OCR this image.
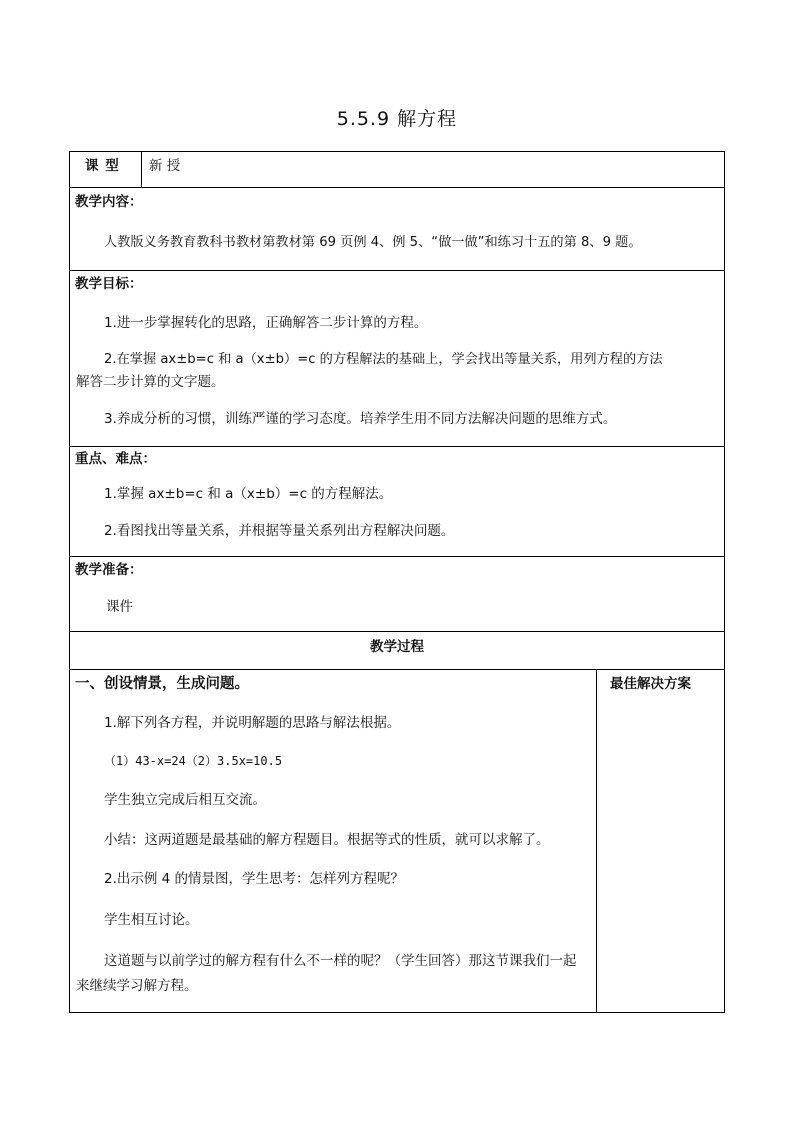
5.5.9 解方程
课 型 新 授
教学内容：
人教版义务教育教科书教材第教材第 69 页例 4、例 5、“做一做”和练习十五的第 8、9 题。
教学目标：
1.进一步掌握转化的思路，正确解答二步计算的方程。
2.在掌握 ax±b=c 和 a（x±b）=c 的方程解法的基础上，学会找出等量关系，用列方程的方法
解答二步计算的文字题。
3.养成分析的习惯，训练严谨的学习态度。培养学生用不同方法解决问题的思维方式。
重点、难点：
1.掌握 ax±b=c 和 a（x±b）=c 的方程解法。
2.看图找出等量关系，并根据等量关系列出方程解决问题。
教学准备：
课件
教学过程
一、创设情景，生成问题。	最佳解决方案
1.解下列各方程，并说明解题的思路与解法根据。
（1）43-x=24（2）3.5x=10.5
学生独立完成后相互交流。
小结：这两道题是最基础的解方程题目。根据等式的性质，就可以求解了。
2.出示例 4 的情景图，学生思考：怎样列方程呢？
学生相互讨论。
这道题与以前学过的解方程有什么不一样的呢？（学生回答）那这节课我们一起
来继续学习解方程。
